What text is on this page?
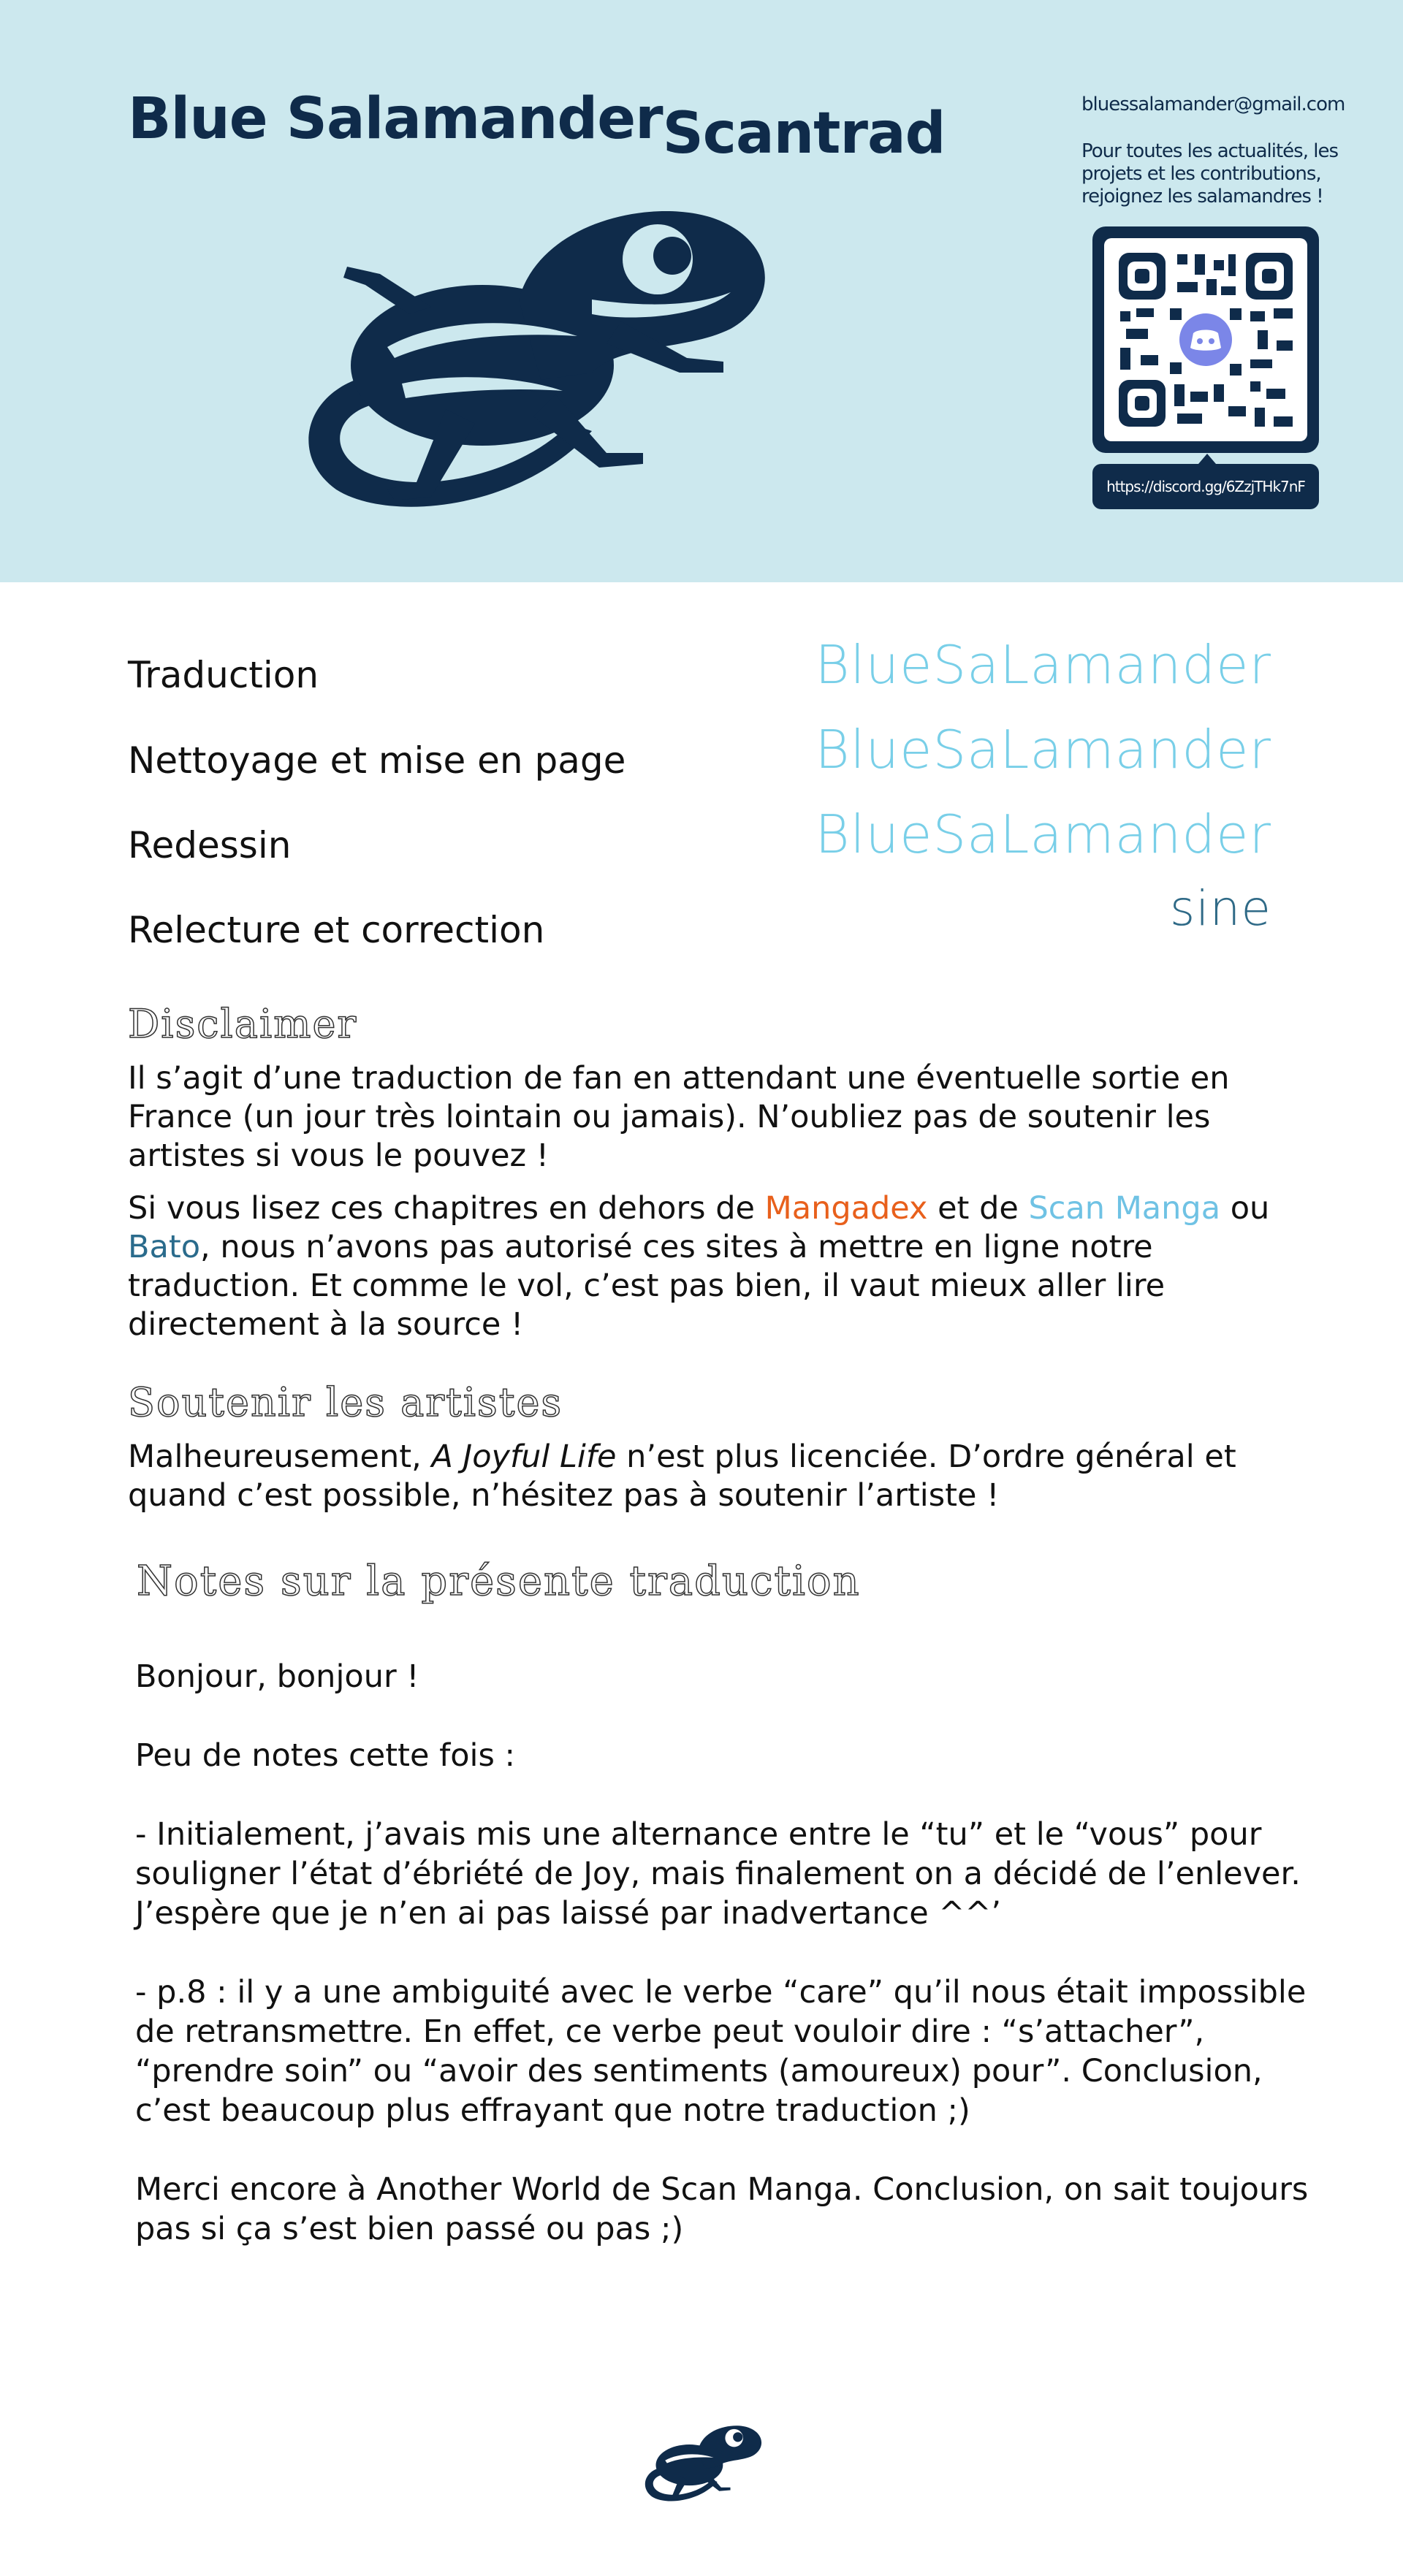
Blue SalamanderScantrad	bluessalamander@gmail.com
Pour toutes les actualités, les projets et les contributions, rejoignez les salamandres !
https://discord.gg/6ZzjTHk7nF
Traduction	BlueSaLamander
Nettoyage et mise en page	BlueSaLamander
Redessin	BlueSaLamander
Relecture et correction	sine
Disclaimer
Il s’agit d’une traduction de fan en attendant une éventuelle sortie en France (un jour très lointain ou jamais). N’oubliez pas de soutenir les artistes si vous le pouvez !
Si vous lisez ces chapitres en dehors de Mangadex et de Scan Manga ou Bato, nous n’avons pas autorisé ces sites à mettre en ligne notre traduction. Et comme le vol, c’est pas bien, il vaut mieux aller lire directement à la source !
Soutenir les artistes
Malheureusement, A Joyful Life n’est plus licenciée. D’ordre général et quand c’est possible, n’hésitez pas à soutenir l’artiste !
Notes sur la présente traduction

Bonjour, bonjour !

Peu de notes cette fois :

- Initialement, j’avais mis une alternance entre le “tu” et le “vous” pour souligner l’état d’ébriété de Joy, mais finalement on a décidé de l’enlever. J’espère que je n’en ai pas laissé par inadvertance ^^’

- p.8 : il y a une ambiguité avec le verbe “care” qu’il nous était impossible de retransmettre. En effet, ce verbe peut vouloir dire : “s’attacher”, “prendre soin” ou “avoir des sentiments (amoureux) pour”. Conclusion, c’est beaucoup plus effrayant que notre traduction ;)

Merci encore à Another World de Scan Manga. Conclusion, on sait toujours pas si ça s’est bien passé ou pas ;)
